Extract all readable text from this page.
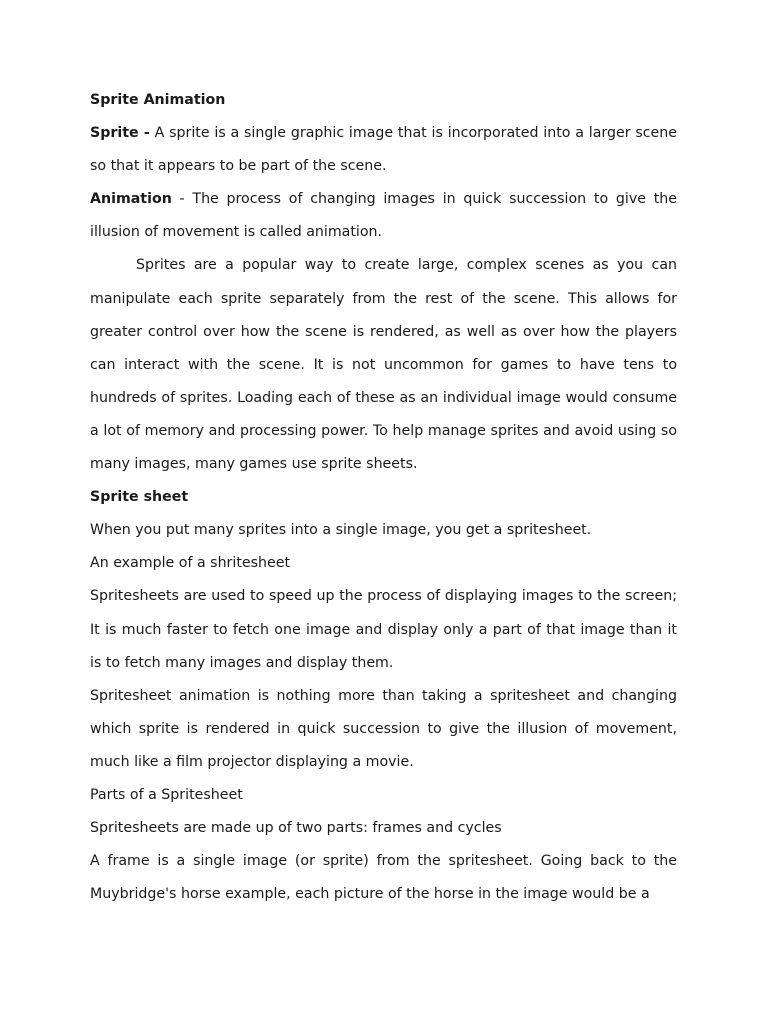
Sprite Animation

Sprite - A sprite is a single graphic image that is incorporated into a larger scene so that it appears to be part of the scene.

Animation - The process of changing images in quick succession to give the illusion of movement is called animation.

Sprites are a popular way to create large, complex scenes as you can manipulate each sprite separately from the rest of the scene. This allows for greater control over how the scene is rendered, as well as over how the players can interact with the scene. It is not uncommon for games to have tens to hundreds of sprites. Loading each of these as an individual image would consume a lot of memory and processing power. To help manage sprites and avoid using so many images, many games use sprite sheets.

Sprite sheet

When you put many sprites into a single image, you get a spritesheet.

An example of a shritesheet

Spritesheets are used to speed up the process of displaying images to the screen; It is much faster to fetch one image and display only a part of that image than it is to fetch many images and display them.

Spritesheet animation is nothing more than taking a spritesheet and changing which sprite is rendered in quick succession to give the illusion of movement, much like a film projector displaying a movie.

Parts of a Spritesheet

Spritesheets are made up of two parts: frames and cycles

A frame is a single image (or sprite) from the spritesheet. Going back to the Muybridge's horse example, each picture of the horse in the image would be a
